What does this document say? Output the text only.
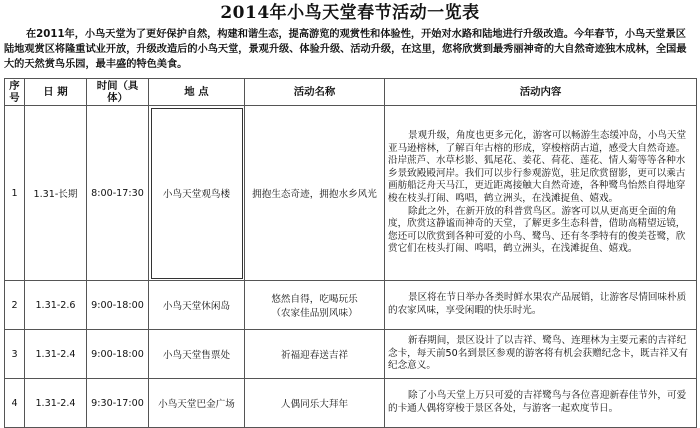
2014年小鸟天堂春节活动一览表
在2011年，小鸟天堂为了更好保护自然，构建和谐生态，提高游览的观赏性和体验性，开始对水路和陆地进行升级改造。今年春节，小鸟天堂景区陆地观赏区将隆重试业开放，升级改造后的小鸟天堂，景观升级、体验升级、活动升级，在这里，您将欣赏到最秀丽神奇的大自然奇迹独木成林，全国最大的天然赏鸟乐园，最丰盛的特色美食。
序号	日 期	时间（具体）	地 点	活动名称	活动内容
1	1.31-长期	8:00-17:30	小鸟天堂观鸟楼	拥抱生态奇迹，拥抱水乡风光	景观升级，角度也更多元化，游客可以畅游生态缓冲岛，小鸟天堂亚马逊榕林，了解百年古榕的形成，穿梭榕荫古道，感受大自然奇迹。沿岸蔗芦、水草杉影、狐尾花、姜花、荷花、莲花、情人菊等等各种水乡景致殿殿河岸。我们可以步行参观游览，驻足欣赏留影，更可以乘古画舫船泛舟天马江，更近距离接触大自然奇迹，各种鹭鸟怡然自得地穿梭在枝头打闹、鸣唱，鹤立洲头，在浅滩捉鱼、嬉戏。
除此之外，在新开放的科普赏鸟区。游客可以从更高更全面的角度，欣赏这静谧而神奇的天堂，了解更多生态科普，借助高精望远镜，您还可以欣赏到各种可爱的小鸟、鹭鸟、还有冬季特有的俊美苍鹭，欣赏它们在枝头打闹、鸣唱，鹤立洲头，在浅滩捉鱼、嬉戏。

2	1.31-2.6	9:00-18:00	小鸟天堂休闲岛	悠然自得，吃喝玩乐
（农家佳品别风味）	景区将在节日举办各类时鲜水果农产品展销，让游客尽情回味朴质的农家风味，享受闲暇的快乐时光。

3	1.31-2.4	9:00-18:00	小鸟天堂售票处	祈福迎春送吉祥	新春期间，景区设计了以吉祥、鹭鸟、连理林为主要元素的吉祥纪念卡，每天前50名到景区参观的游客将有机会获赠纪念卡，既吉祥又有纪念意义。

4	1.31-2.4	9:30-17:00	小鸟天堂巴金广场	人偶同乐大拜年	除了小鸟天堂上万只可爱的吉祥鹭鸟与各位喜迎新春佳节外，可爱的卡通人偶将穿梭于景区各处，与游客一起欢度节日。
